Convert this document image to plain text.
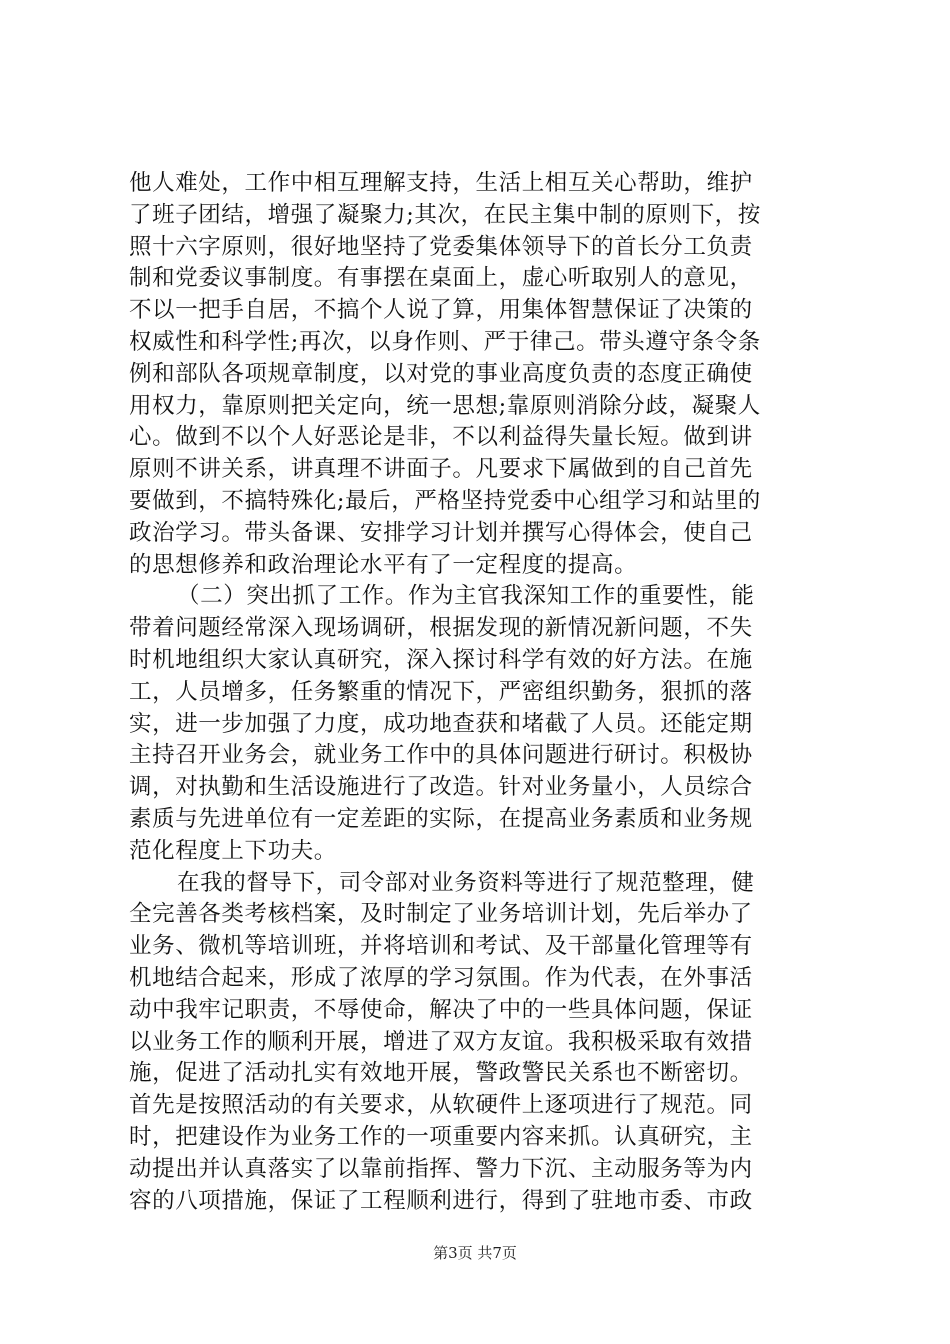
他人难处，工作中相互理解支持，生活上相互关心帮助，维护
了班子团结，增强了凝聚力;其次，在民主集中制的原则下，按
照十六字原则，很好地坚持了党委集体领导下的首长分工负责
制和党委议事制度。有事摆在桌面上，虚心听取别人的意见，
不以一把手自居，不搞个人说了算，用集体智慧保证了决策的
权威性和科学性;再次，以身作则、严于律己。带头遵守条令条
例和部队各项规章制度，以对党的事业高度负责的态度正确使
用权力，靠原则把关定向，统一思想;靠原则消除分歧，凝聚人
心。做到不以个人好恶论是非，不以利益得失量长短。做到讲
原则不讲关系，讲真理不讲面子。凡要求下属做到的自己首先
要做到，不搞特殊化;最后，严格坚持党委中心组学习和站里的
政治学习。带头备课、安排学习计划并撰写心得体会，使自己
的思想修养和政治理论水平有了一定程度的提高。
（二）突出抓了工作。作为主官我深知工作的重要性，能
带着问题经常深入现场调研，根据发现的新情况新问题，不失
时机地组织大家认真研究，深入探讨科学有效的好方法。在施
工，人员增多，任务繁重的情况下，严密组织勤务，狠抓的落
实，进一步加强了力度，成功地查获和堵截了人员。还能定期
主持召开业务会，就业务工作中的具体问题进行研讨。积极协
调，对执勤和生活设施进行了改造。针对业务量小，人员综合
素质与先进单位有一定差距的实际，在提高业务素质和业务规
范化程度上下功夫。
在我的督导下，司令部对业务资料等进行了规范整理，健
全完善各类考核档案，及时制定了业务培训计划，先后举办了
业务、微机等培训班，并将培训和考试、及干部量化管理等有
机地结合起来，形成了浓厚的学习氛围。作为代表，在外事活
动中我牢记职责，不辱使命，解决了中的一些具体问题，保证
以业务工作的顺利开展，增进了双方友谊。我积极采取有效措
施，促进了活动扎实有效地开展，警政警民关系也不断密切。
首先是按照活动的有关要求，从软硬件上逐项进行了规范。同
时，把建设作为业务工作的一项重要内容来抓。认真研究，主
动提出并认真落实了以靠前指挥、警力下沉、主动服务等为内
容的八项措施，保证了工程顺利进行，得到了驻地市委、市政
第3页 共7页
